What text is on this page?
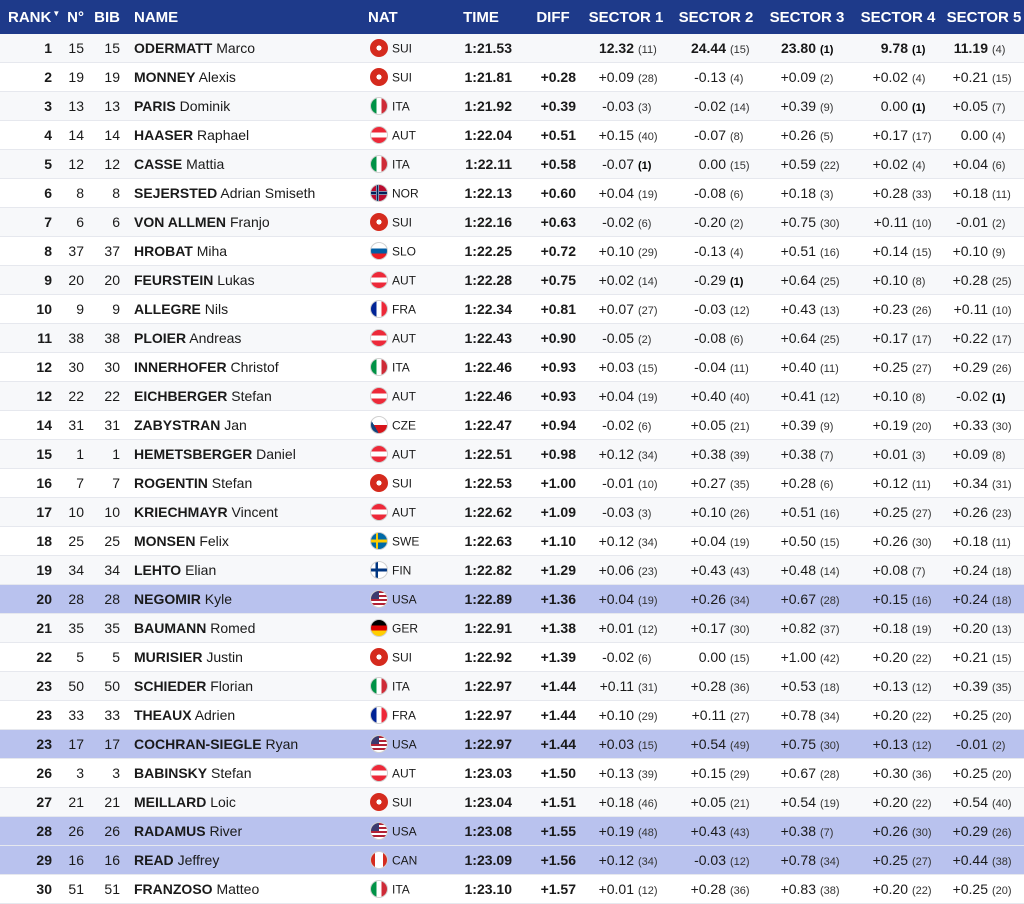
RANK▼	N°	BIB	NAME	NAT	TIME	DIFF	SECTOR 1	SECTOR 2	SECTOR 3	SECTOR 4	SECTOR 5
1	15	15	ODERMATT Marco	SUI	1:21.53		12.32 (11)	24.44 (15)	23.80 (1)	9.78 (1)	11.19 (4)
2	19	19	MONNEY Alexis	SUI	1:21.81	+0.28	+0.09 (28)	-0.13 (4)	+0.09 (2)	+0.02 (4)	+0.21 (15)
3	13	13	PARIS Dominik	ITA	1:21.92	+0.39	-0.03 (3)	-0.02 (14)	+0.39 (9)	0.00 (1)	+0.05 (7)
4	14	14	HAASER Raphael	AUT	1:22.04	+0.51	+0.15 (40)	-0.07 (8)	+0.26 (5)	+0.17 (17)	0.00 (4)
5	12	12	CASSE Mattia	ITA	1:22.11	+0.58	-0.07 (1)	0.00 (15)	+0.59 (22)	+0.02 (4)	+0.04 (6)
6	8	8	SEJERSTED Adrian Smiseth	NOR	1:22.13	+0.60	+0.04 (19)	-0.08 (6)	+0.18 (3)	+0.28 (33)	+0.18 (11)
7	6	6	VON ALLMEN Franjo	SUI	1:22.16	+0.63	-0.02 (6)	-0.20 (2)	+0.75 (30)	+0.11 (10)	-0.01 (2)
8	37	37	HROBAT Miha	SLO	1:22.25	+0.72	+0.10 (29)	-0.13 (4)	+0.51 (16)	+0.14 (15)	+0.10 (9)
9	20	20	FEURSTEIN Lukas	AUT	1:22.28	+0.75	+0.02 (14)	-0.29 (1)	+0.64 (25)	+0.10 (8)	+0.28 (25)
10	9	9	ALLEGRE Nils	FRA	1:22.34	+0.81	+0.07 (27)	-0.03 (12)	+0.43 (13)	+0.23 (26)	+0.11 (10)
11	38	38	PLOIER Andreas	AUT	1:22.43	+0.90	-0.05 (2)	-0.08 (6)	+0.64 (25)	+0.17 (17)	+0.22 (17)
12	30	30	INNERHOFER Christof	ITA	1:22.46	+0.93	+0.03 (15)	-0.04 (11)	+0.40 (11)	+0.25 (27)	+0.29 (26)
12	22	22	EICHBERGER Stefan	AUT	1:22.46	+0.93	+0.04 (19)	+0.40 (40)	+0.41 (12)	+0.10 (8)	-0.02 (1)
14	31	31	ZABYSTRAN Jan	CZE	1:22.47	+0.94	-0.02 (6)	+0.05 (21)	+0.39 (9)	+0.19 (20)	+0.33 (30)
15	1	1	HEMETSBERGER Daniel	AUT	1:22.51	+0.98	+0.12 (34)	+0.38 (39)	+0.38 (7)	+0.01 (3)	+0.09 (8)
16	7	7	ROGENTIN Stefan	SUI	1:22.53	+1.00	-0.01 (10)	+0.27 (35)	+0.28 (6)	+0.12 (11)	+0.34 (31)
17	10	10	KRIECHMAYR Vincent	AUT	1:22.62	+1.09	-0.03 (3)	+0.10 (26)	+0.51 (16)	+0.25 (27)	+0.26 (23)
18	25	25	MONSEN Felix	SWE	1:22.63	+1.10	+0.12 (34)	+0.04 (19)	+0.50 (15)	+0.26 (30)	+0.18 (11)
19	34	34	LEHTO Elian	FIN	1:22.82	+1.29	+0.06 (23)	+0.43 (43)	+0.48 (14)	+0.08 (7)	+0.24 (18)
20	28	28	NEGOMIR Kyle	USA	1:22.89	+1.36	+0.04 (19)	+0.26 (34)	+0.67 (28)	+0.15 (16)	+0.24 (18)
21	35	35	BAUMANN Romed	GER	1:22.91	+1.38	+0.01 (12)	+0.17 (30)	+0.82 (37)	+0.18 (19)	+0.20 (13)
22	5	5	MURISIER Justin	SUI	1:22.92	+1.39	-0.02 (6)	0.00 (15)	+1.00 (42)	+0.20 (22)	+0.21 (15)
23	50	50	SCHIEDER Florian	ITA	1:22.97	+1.44	+0.11 (31)	+0.28 (36)	+0.53 (18)	+0.13 (12)	+0.39 (35)
23	33	33	THEAUX Adrien	FRA	1:22.97	+1.44	+0.10 (29)	+0.11 (27)	+0.78 (34)	+0.20 (22)	+0.25 (20)
23	17	17	COCHRAN-SIEGLE Ryan	USA	1:22.97	+1.44	+0.03 (15)	+0.54 (49)	+0.75 (30)	+0.13 (12)	-0.01 (2)
26	3	3	BABINSKY Stefan	AUT	1:23.03	+1.50	+0.13 (39)	+0.15 (29)	+0.67 (28)	+0.30 (36)	+0.25 (20)
27	21	21	MEILLARD Loic	SUI	1:23.04	+1.51	+0.18 (46)	+0.05 (21)	+0.54 (19)	+0.20 (22)	+0.54 (40)
28	26	26	RADAMUS River	USA	1:23.08	+1.55	+0.19 (48)	+0.43 (43)	+0.38 (7)	+0.26 (30)	+0.29 (26)
29	16	16	READ Jeffrey	CAN	1:23.09	+1.56	+0.12 (34)	-0.03 (12)	+0.78 (34)	+0.25 (27)	+0.44 (38)
30	51	51	FRANZOSO Matteo	ITA	1:23.10	+1.57	+0.01 (12)	+0.28 (36)	+0.83 (38)	+0.20 (22)	+0.25 (20)
